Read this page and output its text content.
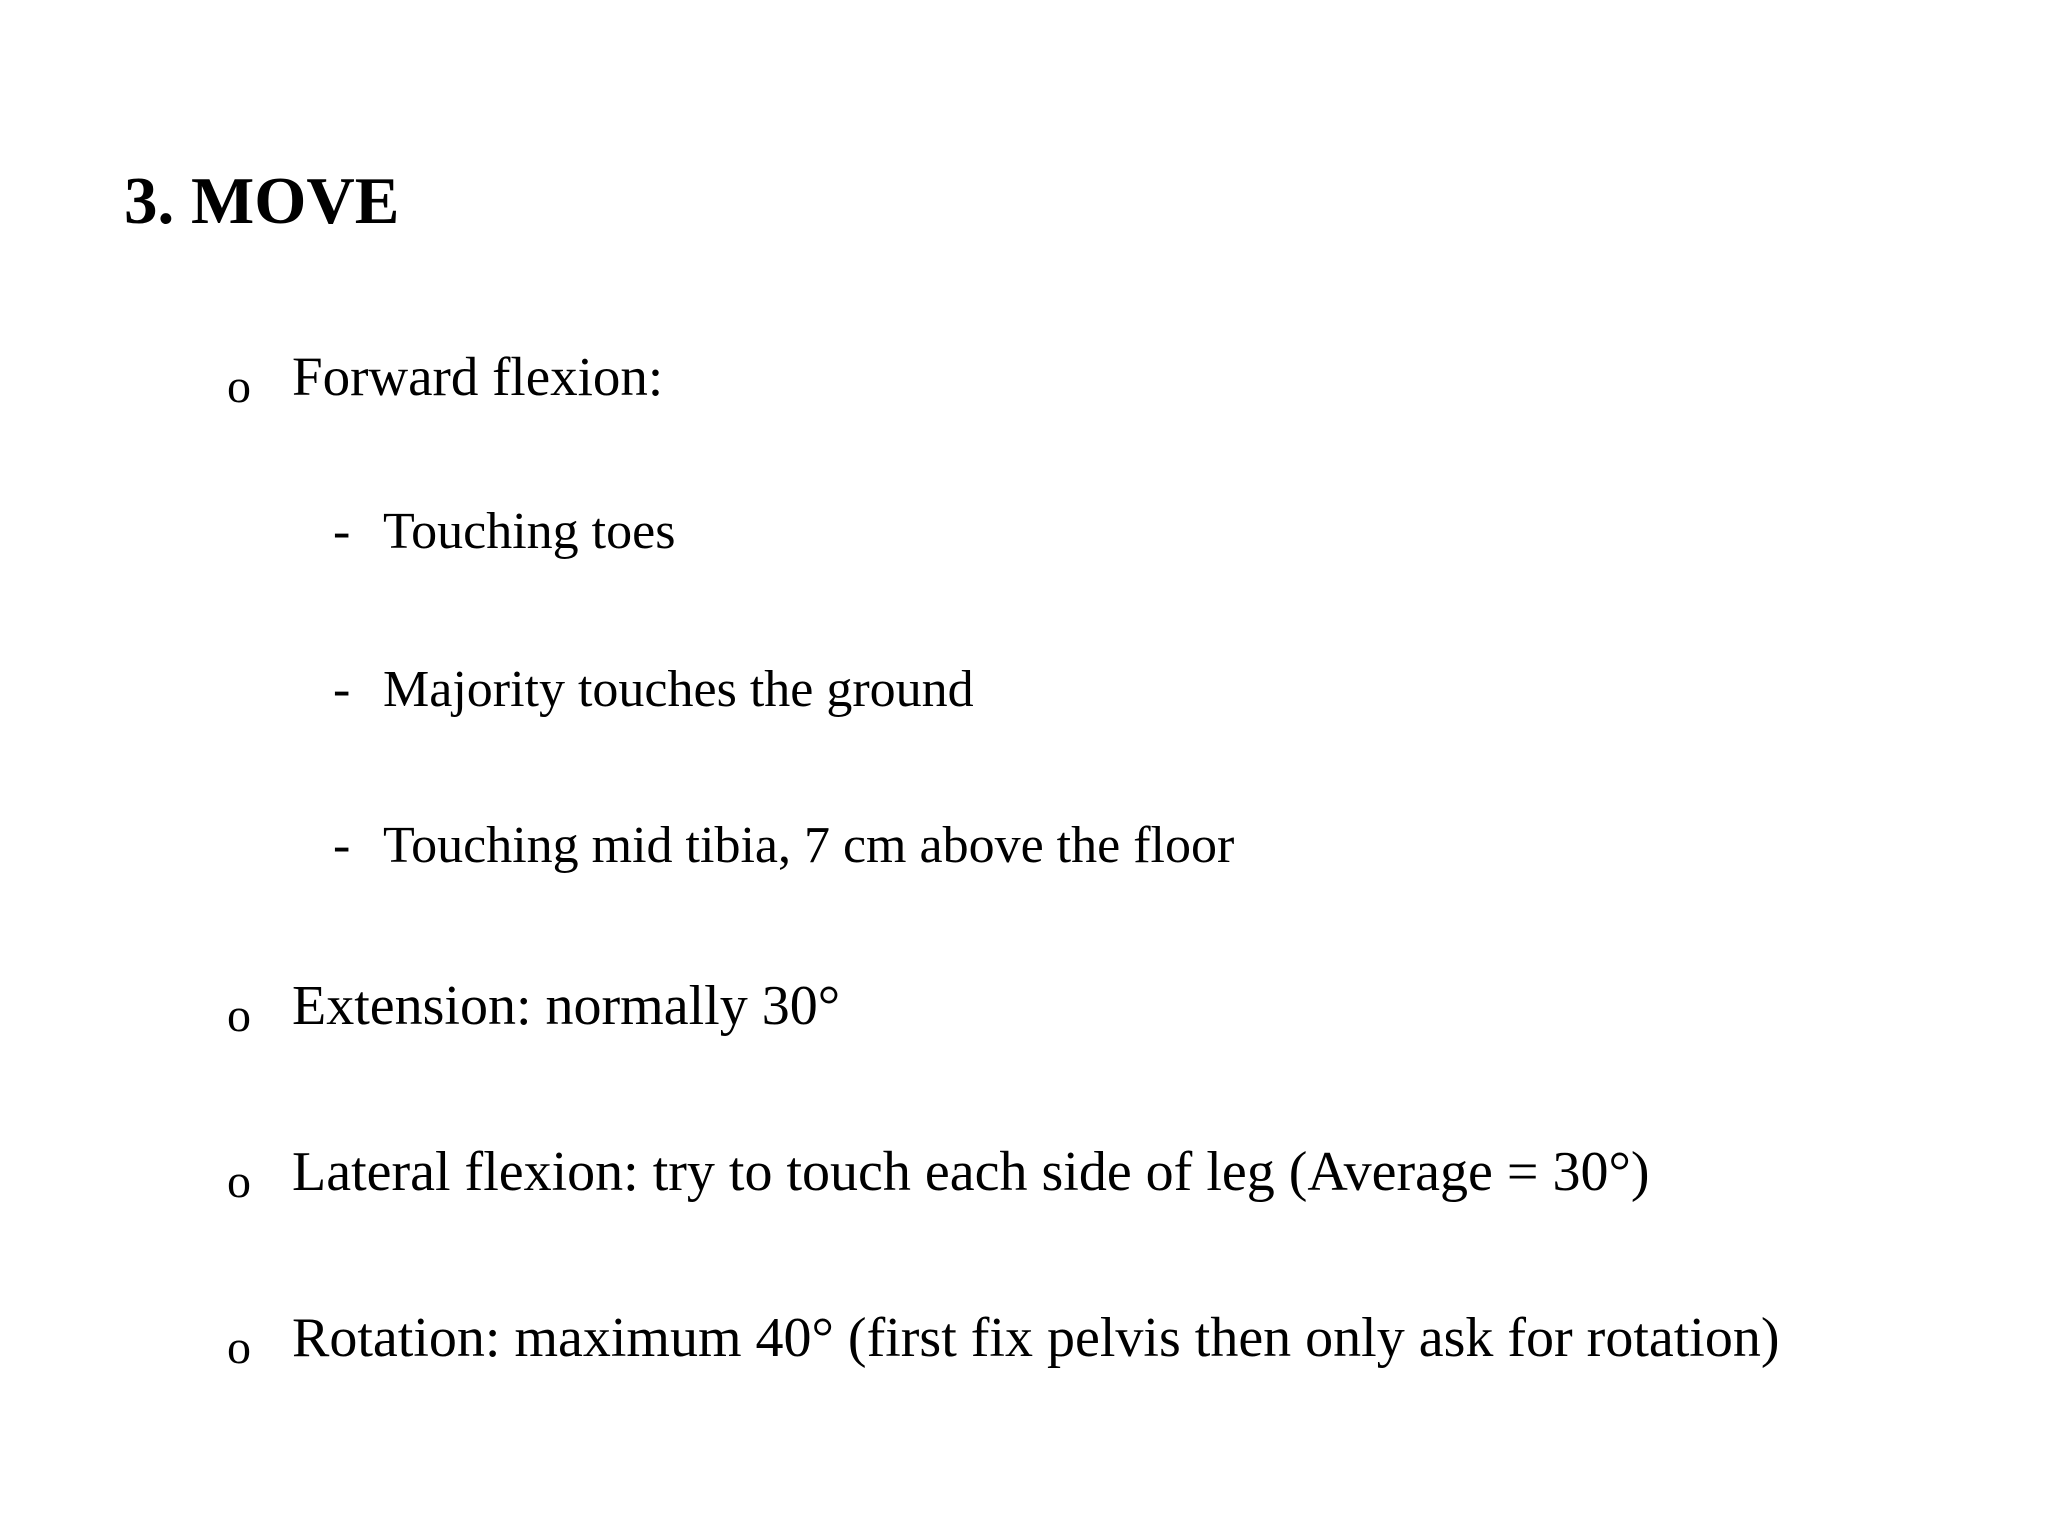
3. MOVE
o Forward flexion:
- Touching toes
- Majority touches the ground
- Touching mid tibia, 7 cm above the floor
o Extension: normally 30°
o Lateral flexion: try to touch each side of leg (Average = 30°)
o Rotation: maximum 40° (first fix pelvis then only ask for rotation)
